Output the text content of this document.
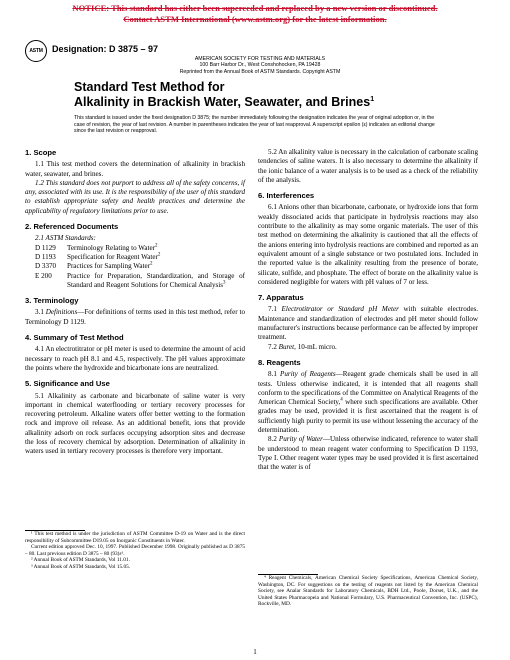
NOTICE: This standard has either been superceded and replaced by a new version or discontinued.
Contact ASTM International (www.astm.org) for the latest information.
ASTM Designation: D 3875 – 97
AMERICAN SOCIETY FOR TESTING AND MATERIALS
100 Barr Harbor Dr., West Conshohocken, PA 19428
Reprinted from the Annual Book of ASTM Standards. Copyright ASTM
Standard Test Method for
Alkalinity in Brackish Water, Seawater, and Brines$^1$
This standard is issued under the fixed designation D 3875; the number immediately following the designation indicates the year of original adoption or, in the case of revision, the year of last revision. A number in parentheses indicates the year of last reapproval. A superscript epsilon (ε) indicates an editorial change since the last revision or reapproval.
1. Scope

1.1 This test method covers the determination of alkalinity in brackish water, seawater, and brines.

1.2 This standard does not purport to address all of the safety concerns, if any, associated with its use. It is the responsibility of the user of this standard to establish appropriate safety and health practices and determine the applicability of regulatory limitations prior to use.

2. Referenced Documents

2.1 ASTM Standards:

D 1129 Terminology Relating to Water$^2$

D 1193 Specification for Reagent Water$^2$

D 3370 Practices for Sampling Water$^2$

E 200 Practice for Preparation, Standardization, and Storage of Standard and Reagent Solutions for Chemical Analysis$^3$

3. Terminology

3.1 Definitions—For definitions of terms used in this test method, refer to Terminology D 1129.

4. Summary of Test Method

4.1 An electrotitrator or pH meter is used to determine the amount of acid necessary to reach pH 8.1 and 4.5, respectively. The pH values approximate the points where the hydroxide and bicarbonate ions are neutralized.

5. Significance and Use

5.1 Alkalinity as carbonate and bicarbonate of saline water is very important in chemical waterflooding or tertiary recovery processes for recovering petroleum. Alkaline waters offer better wetting to the formation rock and improve oil release. As an additional benefit, ions that provide alkalinity adsorb on rock surfaces occupying adsorption sites and decrease the loss of recovery chemical by adsorption. Determination of alkalinity in waters used in tertiary recovery processes is therefore very important.

5.2 An alkalinity value is necessary in the calculation of carbonate scaling tendencies of saline waters. It is also necessary to determine the alkalinity if the ionic balance of a water analysis is to be used as a check of the reliability of the analysis.

6. Interferences

6.1 Anions other than bicarbonate, carbonate, or hydroxide ions that form weakly dissociated acids that participate in hydrolysis reactions may also contribute to the alkalinity as may some organic materials. The user of this test method on determining the alkalinity is cautioned that all the effects of the anions entering into hydrolysis reactions are combined and reported as an equivalent amount of a single substance or two postulated ions. Included in the reported value is the alkalinity resulting from the presence of borate, silicate, sulfide, and phosphate. The effect of borate on the alkalinity value is considered negligible for waters with pH values of 7 or less.

7. Apparatus

7.1 Electrotitrator or Standard pH Meter with suitable electrodes. Maintenance and standardization of electrodes and pH meter should follow manufacturer's instructions because performance can be affected by improper treatment.

7.2 Buret, 10-mL micro.

8. Reagents

8.1 Purity of Reagents—Reagent grade chemicals shall be used in all tests. Unless otherwise indicated, it is intended that all reagents shall conform to the specifications of the Committee on Analytical Reagents of the American Chemical Society,$^4$ where such specifications are available. Other grades may be used, provided it is first ascertained that the reagent is of sufficiently high purity to permit its use without lessening the accuracy of the determination.

8.2 Purity of Water—Unless otherwise indicated, reference to water shall be understood to mean reagent water conforming to Specification D 1193, Type I. Other reagent water types may be used provided it is first ascertained that the water is of

¹ This test method is under the jurisdiction of ASTM Committee D-19 on Water and is the direct responsibility of Subcommittee D19.05 on Inorganic Constituents in Water.

Current edition approved Dec. 10, 1997. Published December 1998. Originally published as D 3875 – 80. Last previous edition D 3875 – 80 (93)ε¹.

² Annual Book of ASTM Standards, Vol 11.01.

³ Annual Book of ASTM Standards, Vol 15.05.

⁴ Reagent Chemicals, American Chemical Society Specifications, American Chemical Society, Washington, DC. For suggestions on the testing of reagents not listed by the American Chemical Society, see Analar Standards for Laboratory Chemicals, BDH Ltd., Poole, Dorset, U.K., and the United States Pharmacopeia and National Formulary, U.S. Pharmaceutical Convention, Inc. (USPC), Rockville, MD.

1
